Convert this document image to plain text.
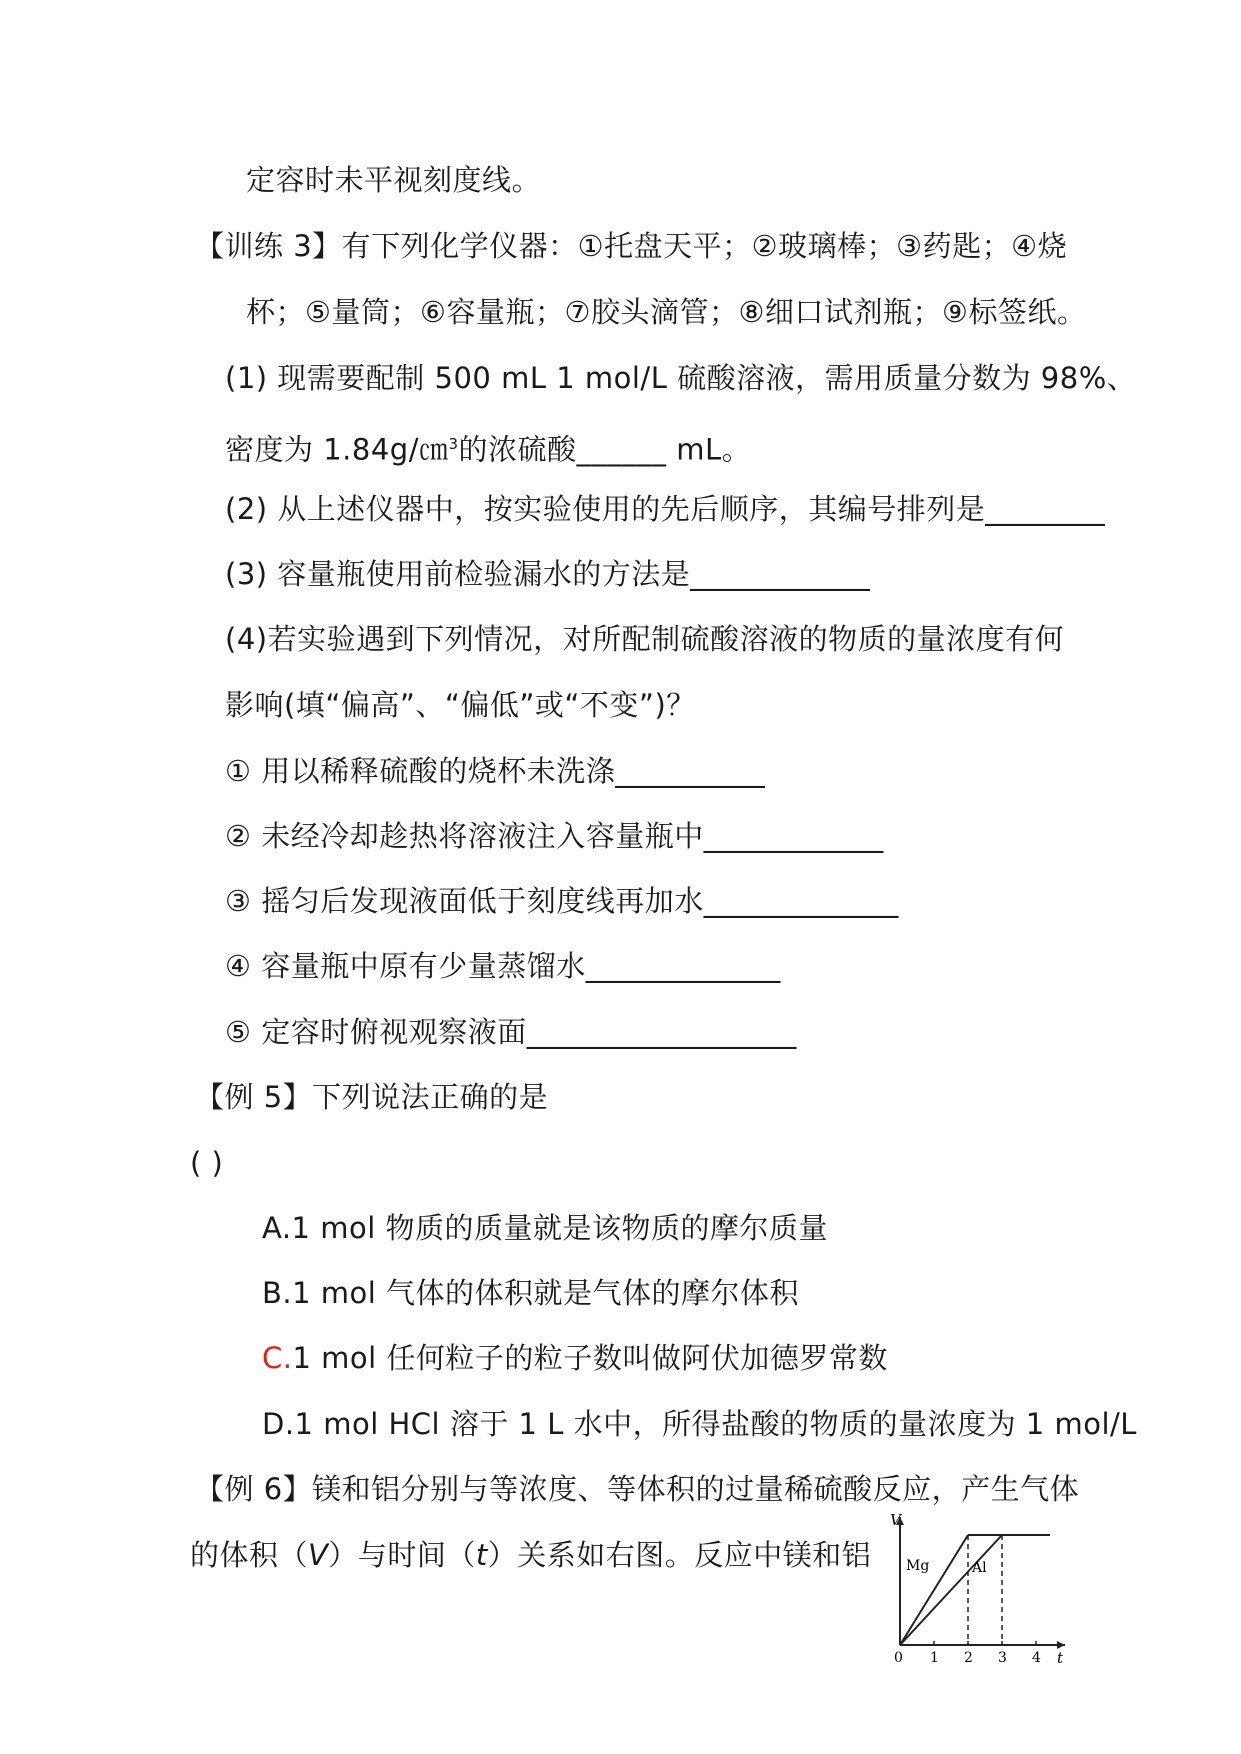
定容时未平视刻度线。
【训练 3】有下列化学仪器：①托盘天平；②玻璃棒；③药匙；④烧
杯；⑤量筒；⑥容量瓶；⑦胶头滴管；⑧细口试剂瓶；⑨标签纸。
(1) 现需要配制 500 mL 1 mol/L 硫酸溶液，需用质量分数为 98%、
密度为 1.84g/㎝$^3$的浓硫酸______ mL。
(2) 从上述仪器中，按实验使用的先后顺序，其编号排列是________
(3) 容量瓶使用前检验漏水的方法是____________
(4)若实验遇到下列情况，对所配制硫酸溶液的物质的量浓度有何
影响(填“偏高”、“偏低”或“不变”)？
① 用以稀释硫酸的烧杯未洗涤__________
② 未经冷却趁热将溶液注入容量瓶中____________
③ 摇匀后发现液面低于刻度线再加水_____________
④ 容量瓶中原有少量蒸馏水_____________
⑤ 定容时俯视观察液面__________________
【例 5】下列说法正确的是
( )
A.1 mol 物质的质量就是该物质的摩尔质量
B.1 mol 气体的体积就是气体的摩尔体积
C.1 mol 任何粒子的粒子数叫做阿伏加德罗常数
D.1 mol HCl 溶于 1 L 水中，所得盐酸的物质的量浓度为 1 mol/L
【例 6】镁和铝分别与等浓度、等体积的过量稀硫酸反应，产生气体
的体积（V）与时间（t）关系如右图。反应中镁和铝
V
t
0 1 2 3 4
Mg	Al
